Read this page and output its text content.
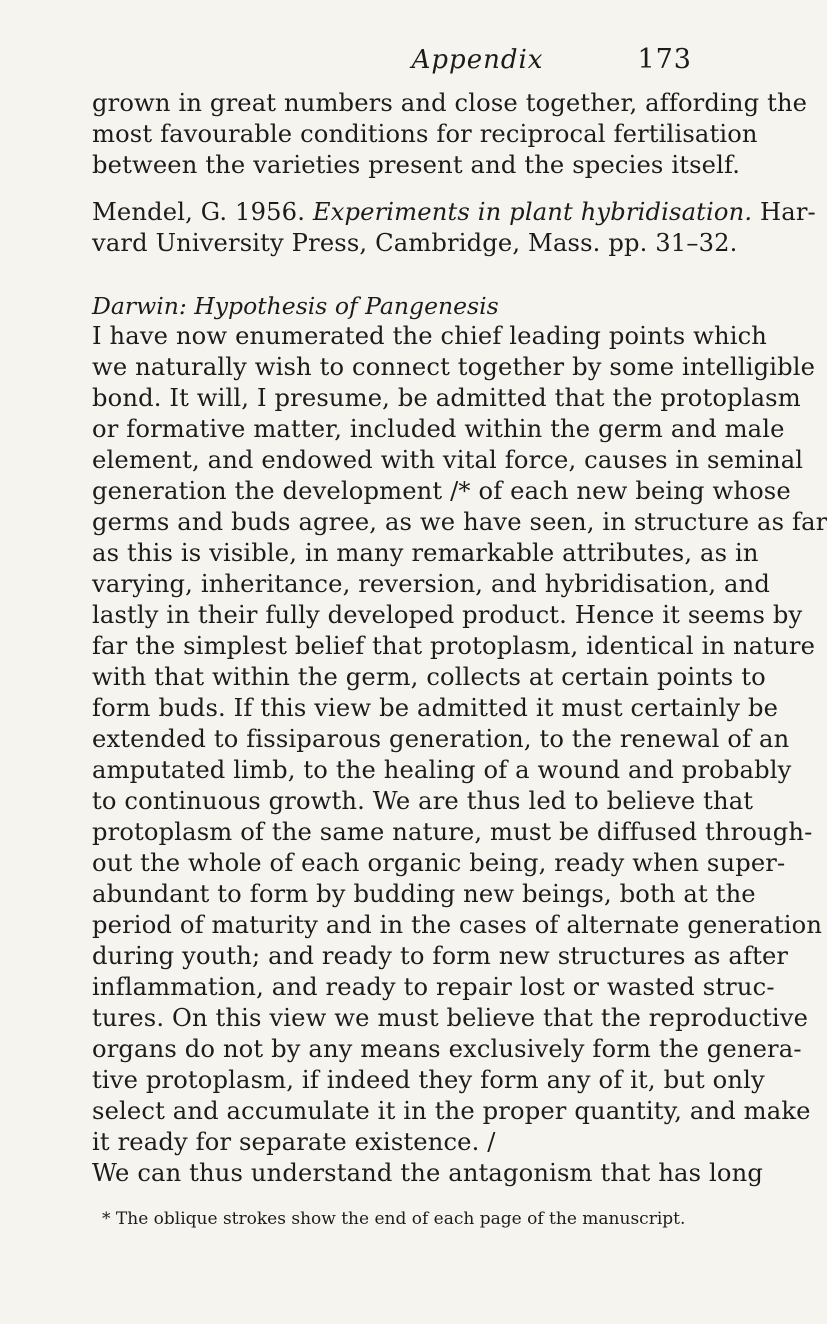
Appendix	173
grown in great numbers and close together, affording the
most favourable conditions for reciprocal fertilisation
between the varieties present and the species itself.
Mendel, G. 1956. Experiments in plant hybridisation. Har-
vard University Press, Cambridge, Mass. pp. 31–32.
Darwin: Hypothesis of Pangenesis
I have now enumerated the chief leading points which
we naturally wish to connect together by some intelligible
bond. It will, I presume, be admitted that the protoplasm
or formative matter, included within the germ and male
element, and endowed with vital force, causes in seminal
generation the development /* of each new being whose
germs and buds agree, as we have seen, in structure as far
as this is visible, in many remarkable attributes, as in
varying, inheritance, reversion, and hybridisation, and
lastly in their fully developed product. Hence it seems by
far the simplest belief that protoplasm, identical in nature
with that within the germ, collects at certain points to
form buds. If this view be admitted it must certainly be
extended to fissiparous generation, to the renewal of an
amputated limb, to the healing of a wound and probably
to continuous growth. We are thus led to believe that
protoplasm of the same nature, must be diffused through-
out the whole of each organic being, ready when super-
abundant to form by budding new beings, both at the
period of maturity and in the cases of alternate generation
during youth; and ready to form new structures as after
inflammation, and ready to repair lost or wasted struc-
tures. On this view we must believe that the reproductive
organs do not by any means exclusively form the genera-
tive protoplasm, if indeed they form any of it, but only
select and accumulate it in the proper quantity, and make
it ready for separate existence. /
We can thus understand the antagonism that has long
* The oblique strokes show the end of each page of the manuscript.
